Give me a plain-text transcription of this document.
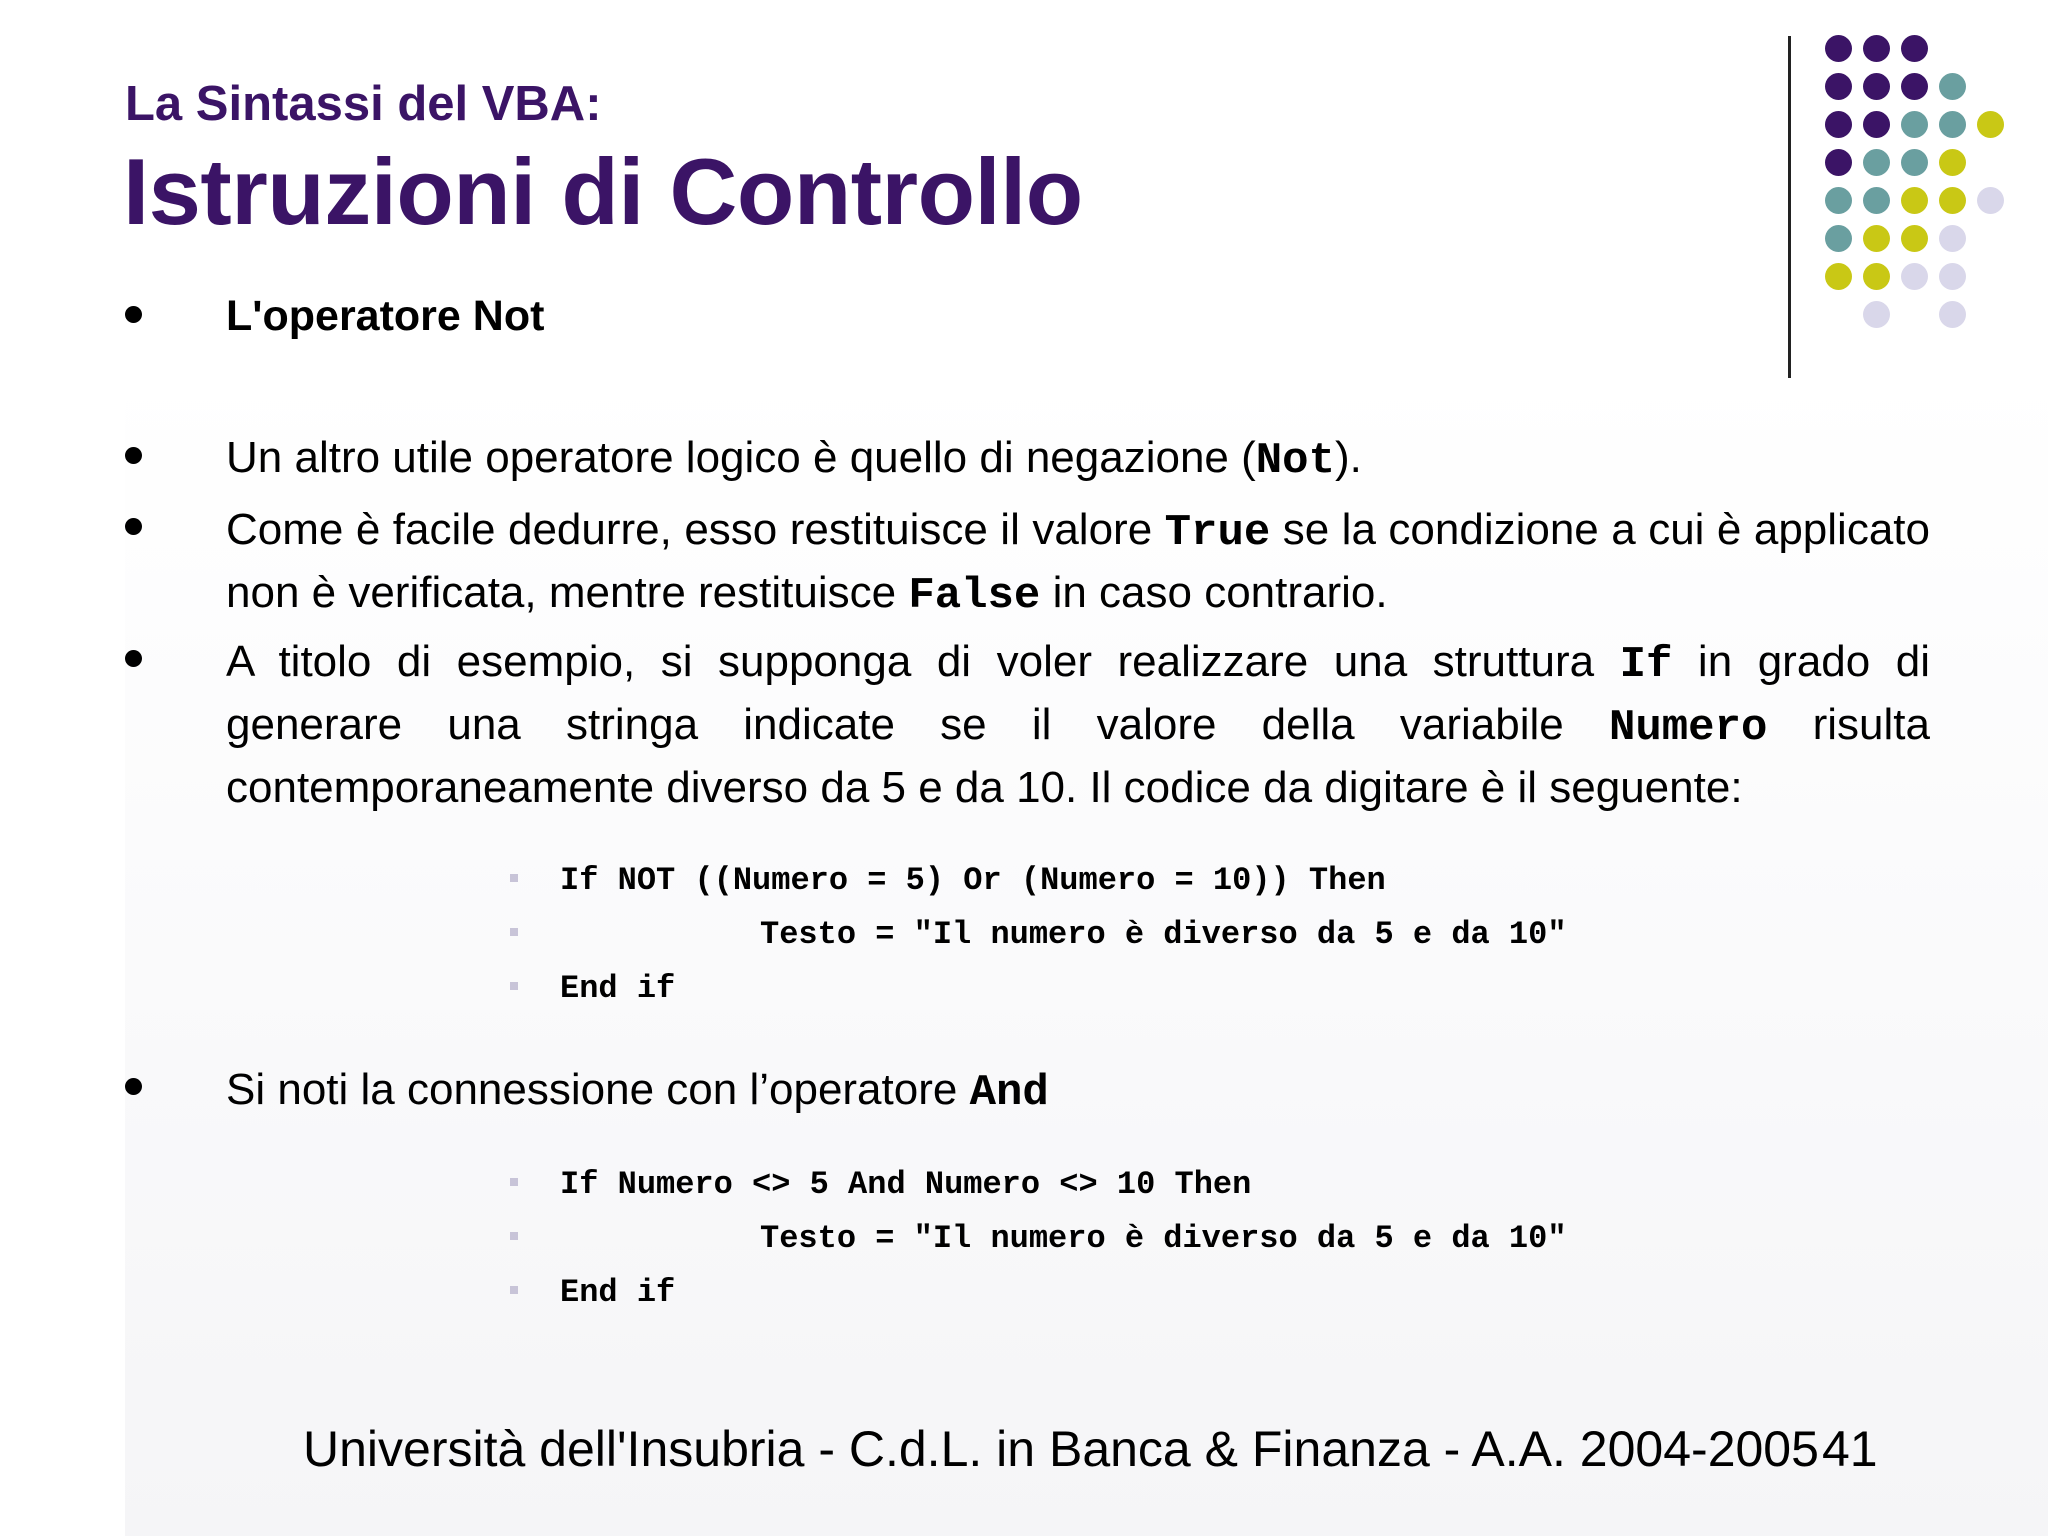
La Sintassi del VBA:
Istruzioni di Controllo
L'operatore Not
Un altro utile operatore logico è quello di negazione (Not).
Come è facile dedurre, esso restituisce il valore True se la condizione a cui è applicato non è verificata, mentre restituisce False in caso contrario.
A titolo di esempio, si supponga di voler realizzare una struttura If in grado di generare una stringa indicate se il valore della variabile Numero risulta contemporaneamente diverso da 5 e da 10. Il codice da digitare è il seguente:
If NOT ((Numero = 5) Or (Numero = 10)) Then
Testo = "Il numero è diverso da 5 e da 10"
End if
Si noti la connessione con l’operatore And
If Numero <> 5 And Numero <> 10 Then
Testo = "Il numero è diverso da 5 e da 10"
End if
Università dell'Insubria - C.d.L. in Banca & Finanza - A.A. 2004-2005 41
